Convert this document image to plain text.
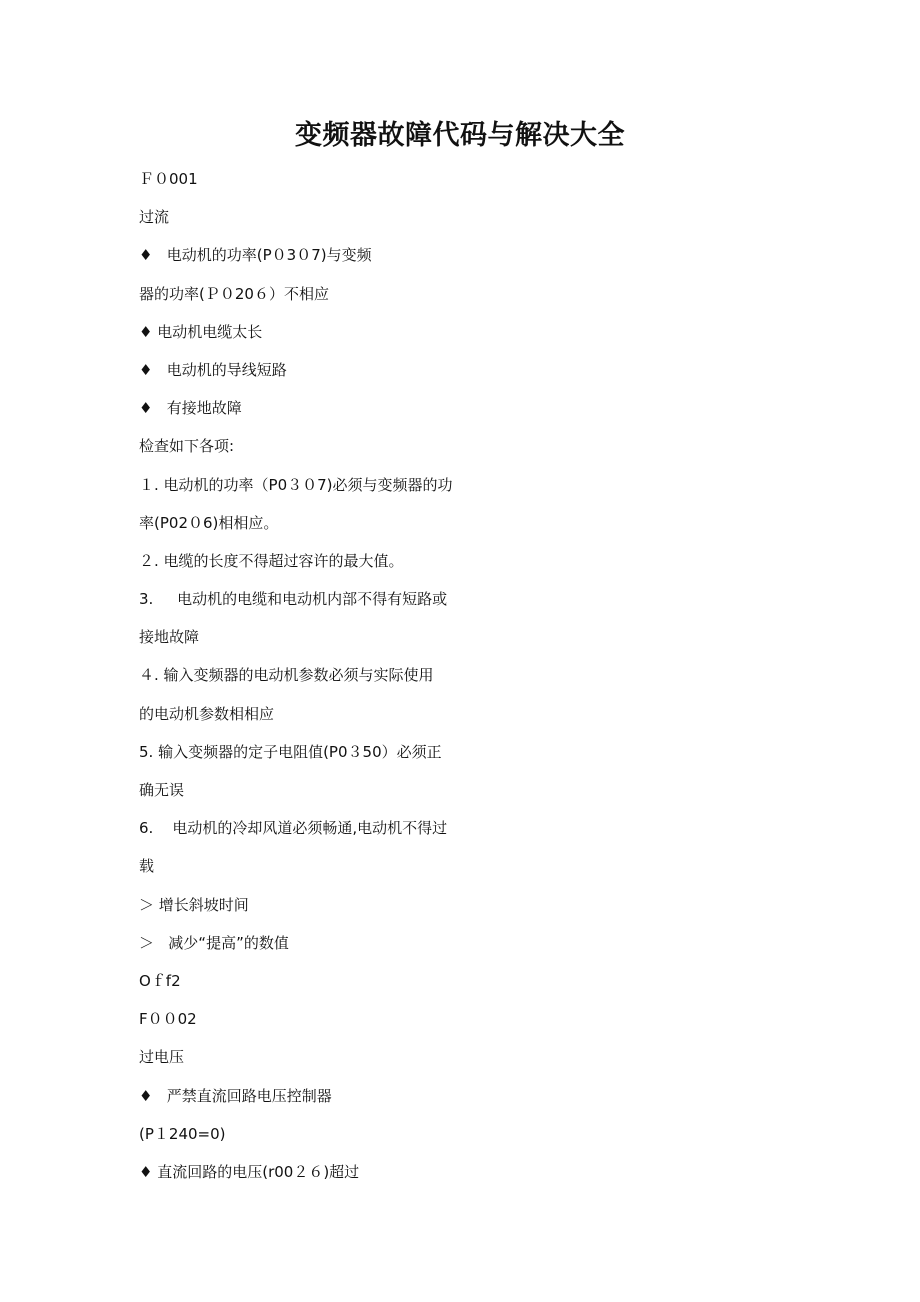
变频器故障代码与解决大全
Ｆ０001
过流
♦   电动机的功率(P０3０7)与变频
器的功率(Ｐ０20６）不相应
♦ 电动机电缆太长
♦   电动机的导线短路
♦   有接地故障
检查如下各项:
１. 电动机的功率（P0３０7)必须与变频器的功
率(P02０6)相相应。
２. 电缆的长度不得超过容许的最大值。
3.     电动机的电缆和电动机内部不得有短路或
接地故障
４. 输入变频器的电动机参数必须与实际使用
的电动机参数相相应
5. 输入变频器的定子电阻值(P0３50）必须正
确无误
6.    电动机的冷却风道必须畅通,电动机不得过
载
＞ 增长斜坡时间
＞   减少“提高”的数值
Oｆf2
F００02
过电压
♦   严禁直流回路电压控制器
(P１240=0)
♦ 直流回路的电压(r00２６)超过
